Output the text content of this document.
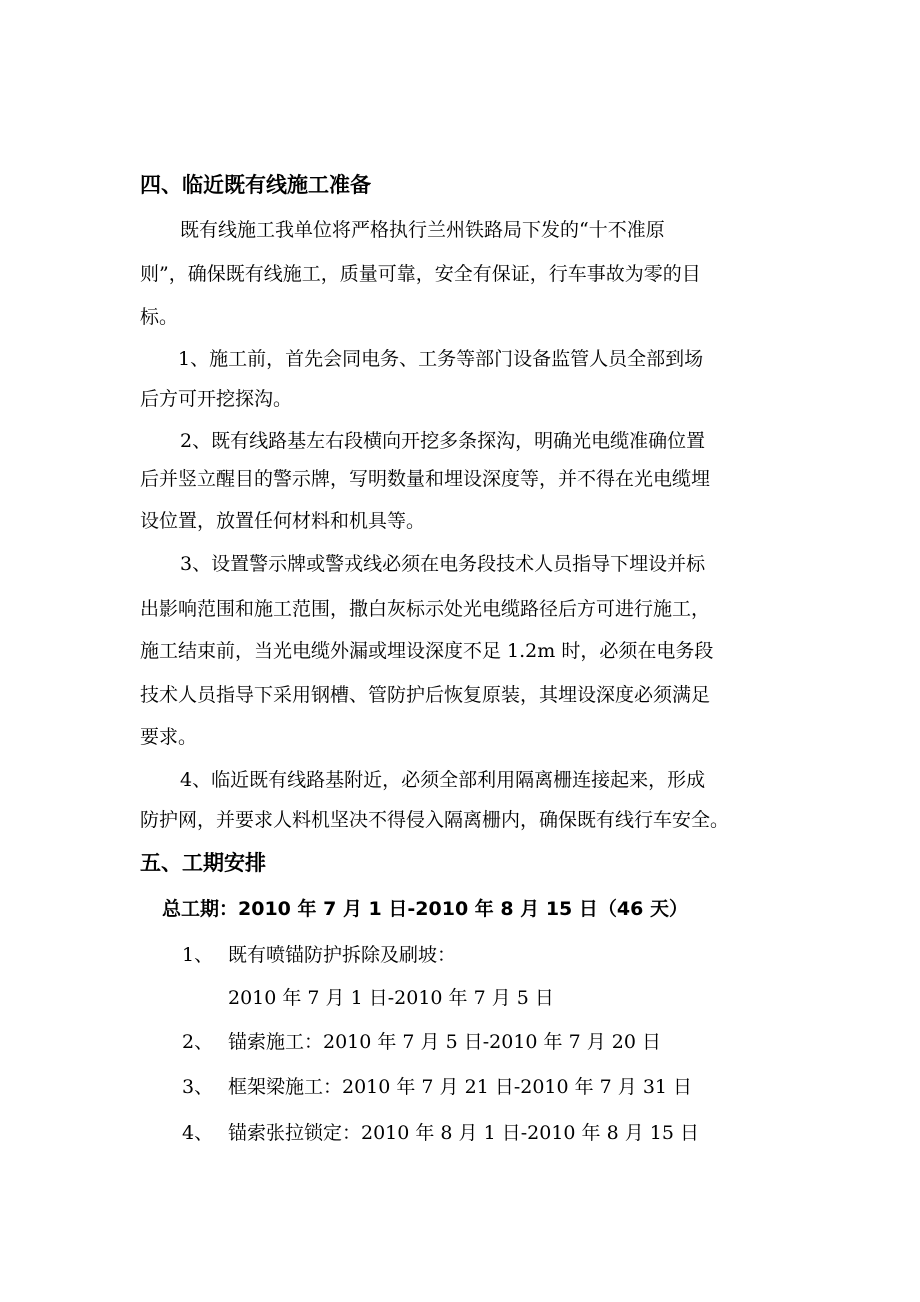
四、临近既有线施工准备
既有线施工我单位将严格执行兰州铁路局下发的“十不准原
则”，确保既有线施工，质量可靠，安全有保证，行车事故为零的目
标。
1、施工前，首先会同电务、工务等部门设备监管人员全部到场
后方可开挖探沟。
2、既有线路基左右段横向开挖多条探沟，明确光电缆准确位置
后并竖立醒目的警示牌，写明数量和埋设深度等，并不得在光电缆埋
设位置，放置任何材料和机具等。
3、设置警示牌或警戎线必须在电务段技术人员指导下埋设并标
出影响范围和施工范围，撒白灰标示处光电缆路径后方可进行施工，
施工结束前，当光电缆外漏或埋设深度不足 1.2m 时，必须在电务段
技术人员指导下采用钢槽、管防护后恢复原装，其埋设深度必须满足
要求。
4、临近既有线路基附近，必须全部利用隔离栅连接起来，形成
防护网，并要求人料机坚决不得侵入隔离栅内，确保既有线行车安全。
五、工期安排
总工期：2010 年 7 月 1 日-2010 年 8 月 15 日（46 天）
1、 既有喷锚防护拆除及刷坡：
2010 年 7 月 1 日-2010 年 7 月 5 日
2、 锚索施工：2010 年 7 月 5 日-2010 年 7 月 20 日
3、 框架梁施工：2010 年 7 月 21 日-2010 年 7 月 31 日
4、 锚索张拉锁定：2010 年 8 月 1 日-2010 年 8 月 15 日
